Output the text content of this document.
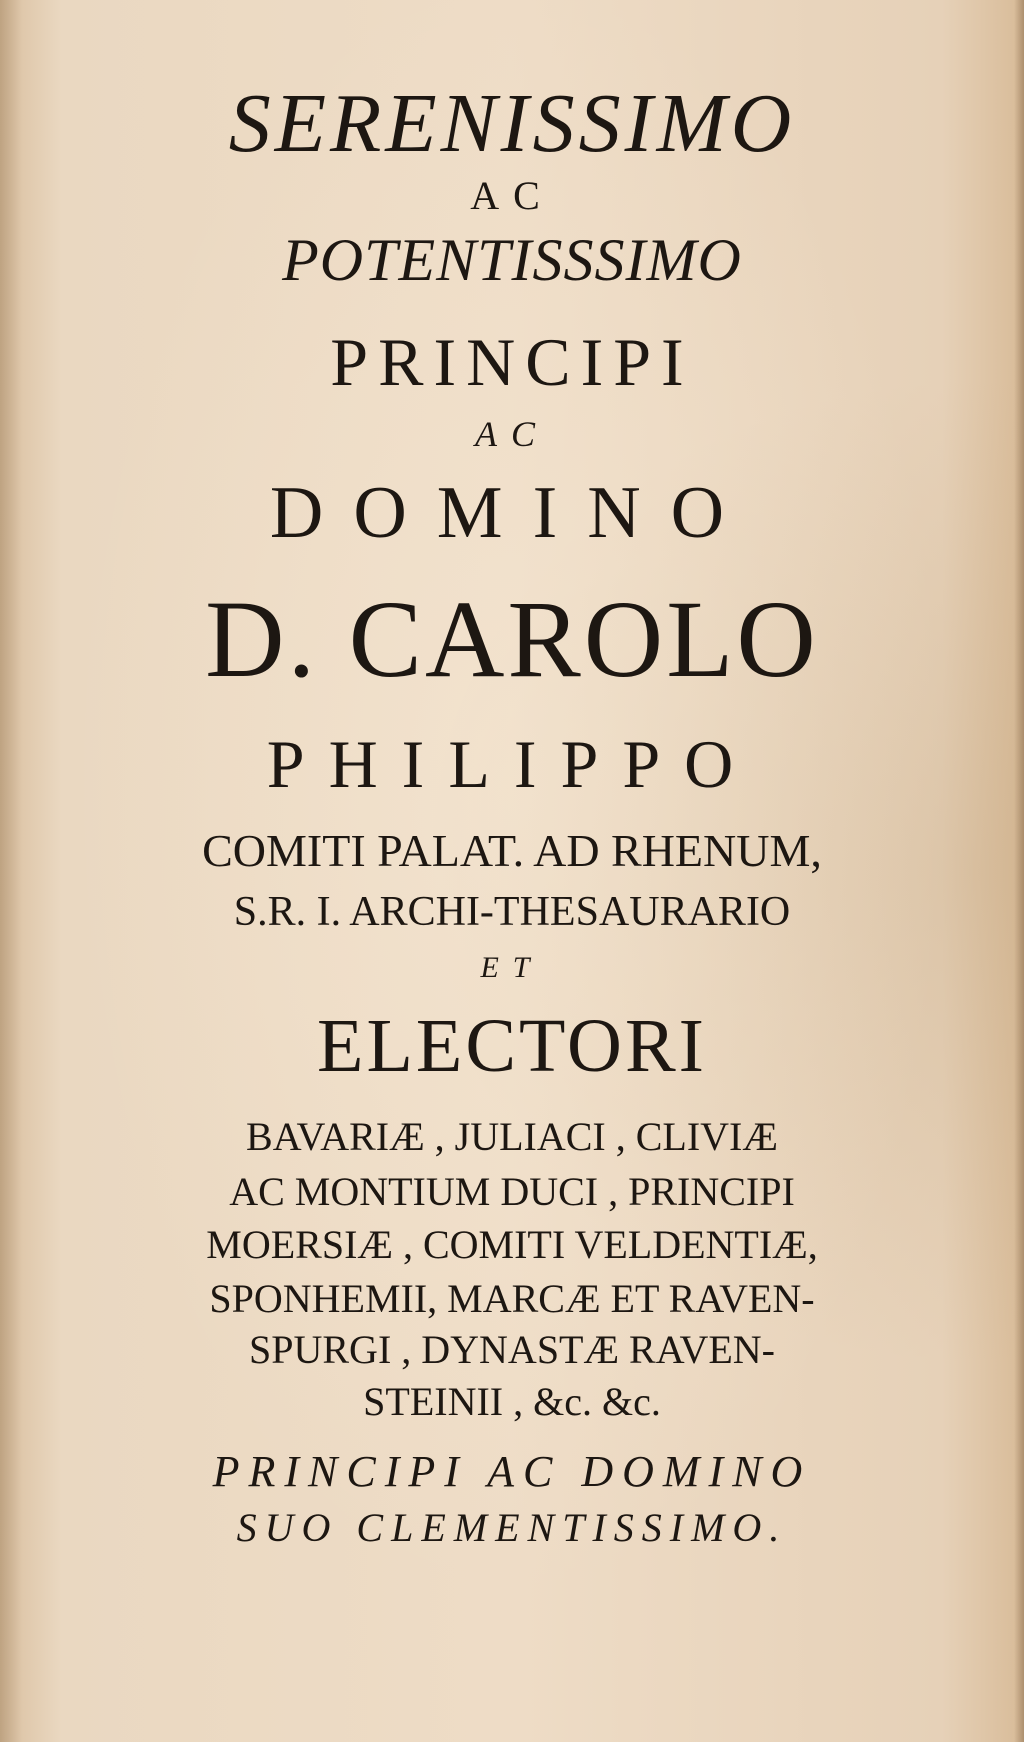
SERENISSIMO

AC

POTENTISSSIMO

PRINCIPI

AC

DOMINO

D. CAROLO

PHILIPPO

COMITI PALAT. AD RHENUM,

S.R. I. ARCHI-THESAURARIO

ET

ELECTORI

BAVARIÆ , JULIACI , CLIVIÆ

AC MONTIUM DUCI , PRINCIPI

MOERSIÆ , COMITI VELDENTIÆ,

SPONHEMII, MARCÆ ET RAVEN-

SPURGI , DYNASTÆ RAVEN-

STEINII , &c. &c.

PRINCIPI AC DOMINO

SUO CLEMENTISSIMO.
